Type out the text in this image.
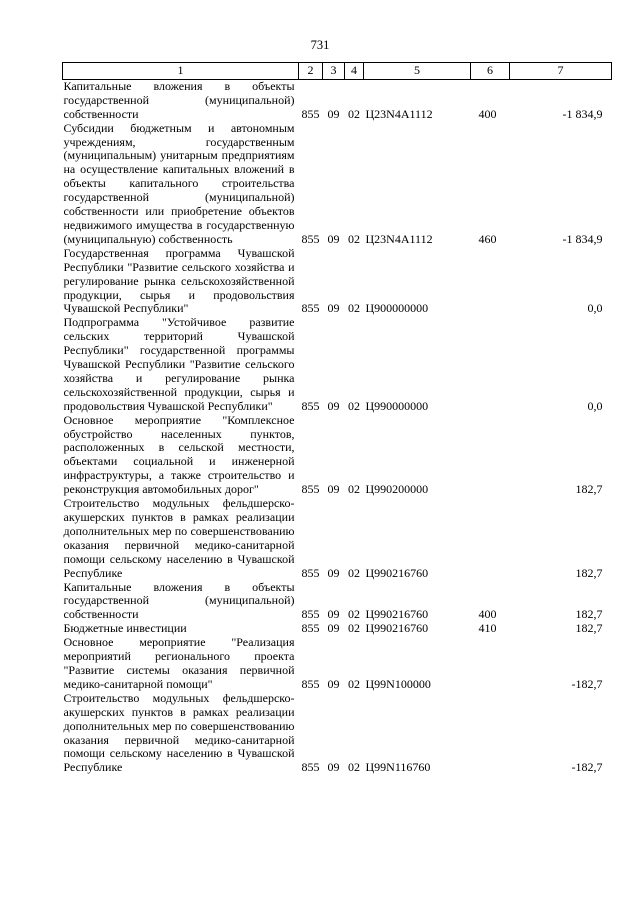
731
1	2	3	4	5	6	7
Капитальные вложения в объекты государственной (муниципальной) собственности	855	09	02	Ц23N4A1112	400	-1 834,9
Субсидии бюджетным и автономным учреждениям, государственным (муниципальным) унитарным предприятиям на осуществление капитальных вложений в объекты капитального строительства государственной (муниципальной) собственности или приобретение объектов недвижимого имущества в государственную (муниципальную) собственность	855	09	02	Ц23N4A1112	460	-1 834,9
Государственная программа Чувашской Республики "Развитие сельского хозяйства и регулирование рынка сельскохозяйственной продукции, сырья и продовольствия Чувашской Республики"	855	09	02	Ц900000000		0,0
Подпрограмма "Устойчивое развитие сельских территорий Чувашской Республики" государственной программы Чувашской Республики "Развитие сельского хозяйства и регулирование рынка сельскохозяйственной продукции, сырья и продовольствия Чувашской Республики"	855	09	02	Ц990000000		0,0
Основное мероприятие "Комплексное обустройство населенных пунктов, расположенных в сельской местности, объектами социальной и инженерной инфраструктуры, а также строительство и реконструкция автомобильных дорог"	855	09	02	Ц990200000		182,7
Строительство модульных фельдшерско-акушерских пунктов в рамках реализации дополнительных мер по совершенствованию оказания первичной медико-санитарной помощи сельскому населению в Чувашской Республике	855	09	02	Ц990216760		182,7
Капитальные вложения в объекты государственной (муниципальной) собственности	855	09	02	Ц990216760	400	182,7
Бюджетные инвестиции	855	09	02	Ц990216760	410	182,7
Основное мероприятие "Реализация мероприятий регионального проекта "Развитие системы оказания первичной медико-санитарной помощи"	855	09	02	Ц99N100000		-182,7
Строительство модульных фельдшерско-акушерских пунктов в рамках реализации дополнительных мер по совершенствованию оказания первичной медико-санитарной помощи сельскому населению в Чувашской Республике	855	09	02	Ц99N116760		-182,7
